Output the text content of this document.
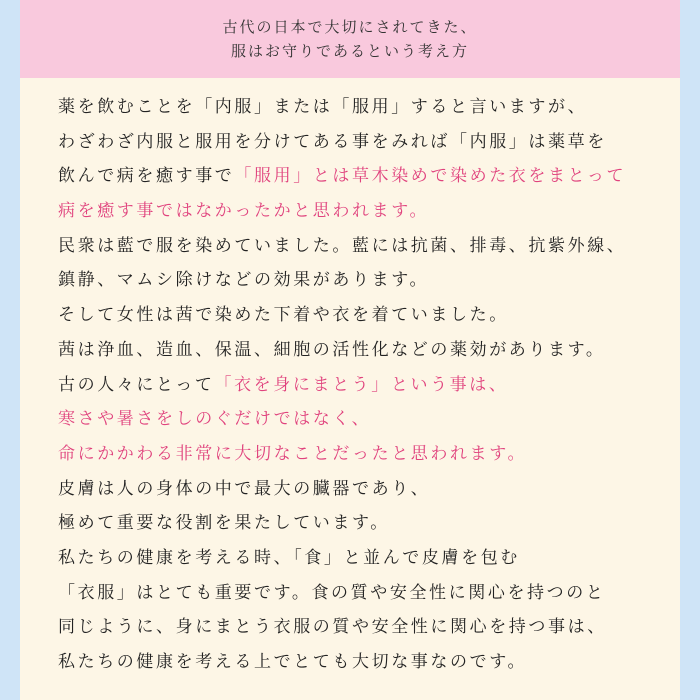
古代の日本で大切にされてきた、
服はお守りであるという考え方
薬を飲むことを「内服」または「服用」すると言いますが、
わざわざ内服と服用を分けてある事をみれば「内服」は薬草を
飲んで病を癒す事で「服用」とは草木染めで染めた衣をまとって
病を癒す事ではなかったかと思われます。
民衆は藍で服を染めていました。藍には抗菌、排毒、抗紫外線、
鎮静、マムシ除けなどの効果があります。
そして女性は茜で染めた下着や衣を着ていました。
茜は浄血、造血、保温、細胞の活性化などの薬効があります。
古の人々にとって「衣を身にまとう」という事は、
寒さや暑さをしのぐだけではなく、
命にかかわる非常に大切なことだったと思われます。
皮膚は人の身体の中で最大の臓器であり、
極めて重要な役割を果たしています。
私たちの健康を考える時、「食」と並んで皮膚を包む
「衣服」はとても重要です。食の質や安全性に関心を持つのと
同じように、身にまとう衣服の質や安全性に関心を持つ事は、
私たちの健康を考える上でとても大切な事なのです。
